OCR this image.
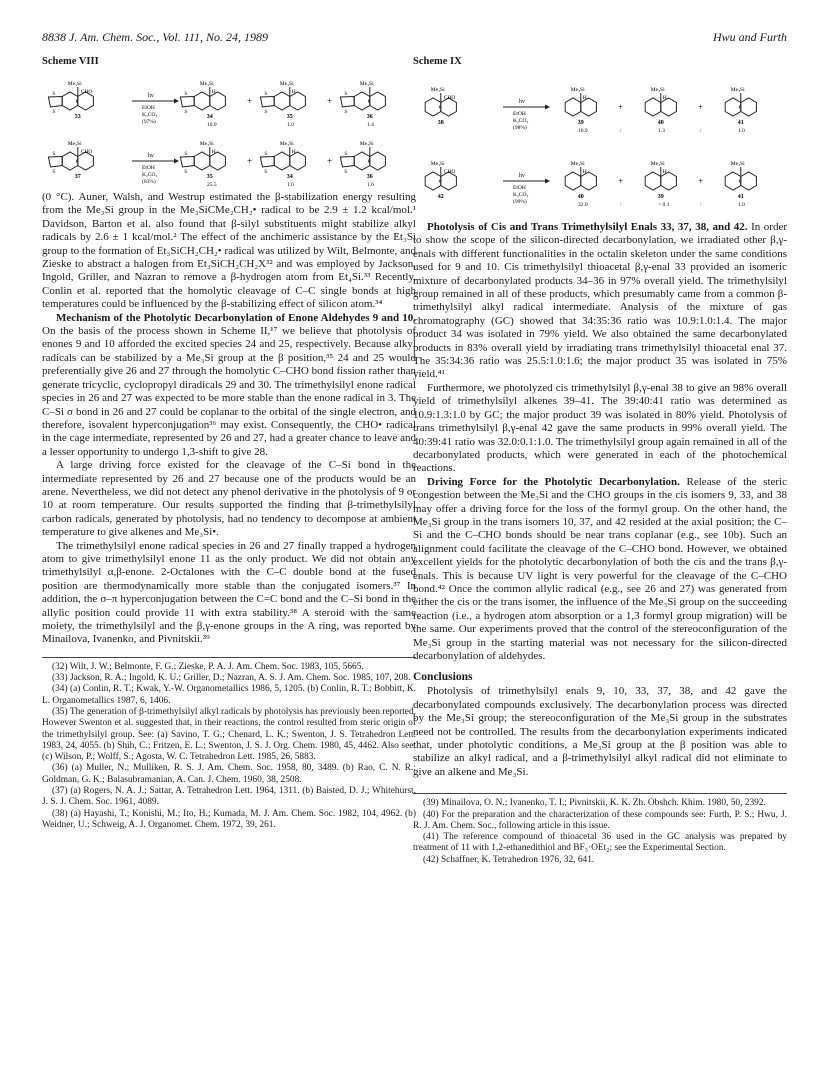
8838 J. Am. Chem. Soc., Vol. 111, No. 24, 1989	Hwu and Furth
Scheme VIII
S
S
Me₃Si
CHO
33
hν
EtOH
K₂CO₃
(97%)
S
S
Me₃Si
H
34
10.9
+
S
S
Me₃Si
H
35
1.0
+
S
S
Me₃Si
36
1.4
S
S
Me₃Si
CHO
37
hν
EtOH
K₂CO₃
(83%)
S
S
Me₃Si
H
35
25.5
+
S
S
Me₃Si
H
34
1.0
+
S
S
Me₃Si
36
1.6

(0 °C). Auner, Walsh, and Westrup estimated the β-stabilization energy resulting from the Me₃Si group in the Me₃SiCMe₂CH₂• radical to be 2.9 ± 1.2 kcal/mol.¹ Davidson, Barton et al. also found that β-silyl substituents might stabilize alkyl radicals by 2.6 ± 1 kcal/mol.² The effect of the anchimeric assistance by the Et₃Si group to the formation of Et₃SiCH₂CH₂• radical was utilized by Wilt, Belmonte, and Zieske to abstract a halogen from Et₃SiCH₂CH₂X³² and was employed by Jackson, Ingold, Griller, and Nazran to remove a β-hydrogen atom from Et₄Si.³³ Recently, Conlin et al. reported that the homolytic cleavage of C–C single bonds at high temperatures could be influenced by the β-stabilizing effect of silicon atom.³⁴

Mechanism of the Photolytic Decarbonylation of Enone Aldehydes 9 and 10. On the basis of the process shown in Scheme II,¹⁷ we believe that photolysis of enones 9 and 10 afforded the excited species 24 and 25, respectively. Because alkyl radicals can be stabilized by a Me₃Si group at the β position,³⁵ 24 and 25 would preferentially give 26 and 27 through the homolytic C–CHO bond fission rather than generate tricyclic, cyclopropyl diradicals 29 and 30. The trimethylsilyl enone radical species in 26 and 27 was expected to be more stable than the enone radical in 3. The C–Si σ bond in 26 and 27 could be coplanar to the orbital of the single electron, and therefore, isovalent hyperconjugation³⁶ may exist. Consequently, the CHO• radical in the cage intermediate, represented by 26 and 27, had a greater chance to leave and a lesser opportunity to undergo 1,3-shift to give 28.

A large driving force existed for the cleavage of the C–Si bond in the intermediate represented by 26 and 27 because one of the products would be an arene. Nevertheless, we did not detect any phenol derivative in the photolysis of 9 or 10 at room temperature. Our results supported the finding that β-trimethylsilyl carbon radicals, generated by photolysis, had no tendency to decompose at ambient temperature to give alkenes and Me₃Si•.

The trimethylsilyl enone radical species in 26 and 27 finally trapped a hydrogen atom to give trimethylsilyl enone 11 as the only product. We did not obtain any trimethylsilyl α,β-enone. 2-Octalones with the C–C double bond at the fused position are thermodynamically more stable than the conjugated isomers.³⁷ In addition, the σ–π hyperconjugation between the C=C bond and the C–Si bond in the allylic position could provide 11 with extra stability.³⁸ A steroid with the same moiety, the trimethylsilyl and the β,γ-enone groups in the A ring, was reported by Minailova, Ivanenko, and Pivnitskii.³⁹

(32) Wilt, J. W.; Belmonte, F. G.; Zieske, P. A. J. Am. Chem. Soc. 1983, 105, 5665.
(33) Jackson, R. A.; Ingold, K. U.; Griller, D.; Nazran, A. S. J. Am. Chem. Soc. 1985, 107, 208.
(34) (a) Conlin, R. T.; Kwak, Y.-W. Organometallics 1986, 5, 1205. (b) Conlin, R. T.; Bobbitt, K. L. Organometallics 1987, 6, 1406.
(35) The generation of β-trimethylsilyl alkyl radicals by photolysis has previously been reported. However Swenton et al. suggested that, in their reactions, the control resulted from steric origin of the trimethylsilyl group. See: (a) Savino, T. G.; Chenard, L. K.; Swenton, J. S. Tetrahedron Lett. 1983, 24, 4055. (b) Shih, C.; Fritzen, E. L.; Swenton, J. S. J. Org. Chem. 1980, 45, 4462. Also see: (c) Wilson, P.; Wolff, S.; Agosta, W. C. Tetrahedron Lett. 1985, 26, 5883.
(36) (a) Muller, N.; Mulliken, R. S. J. Am. Chem. Soc. 1958, 80, 3489. (b) Rao, C. N. R.; Goldman, G. K.; Balasubramanian, A. Can. J. Chem. 1960, 38, 2508.
(37) (a) Rogers, N. A. J.; Sattar, A. Tetrahedron Lett. 1964, 1311. (b) Baisted, D. J.; Whitehurst, J. S. J. Chem. Soc. 1961, 4089.
(38) (a) Hayashi, T.; Konishi, M.; Ito, H.; Kumada, M. J. Am. Chem. Soc. 1982, 104, 4962. (b) Weidner, U.; Schweig, A. J. Organomet. Chem. 1972, 39, 261.
Scheme IX
Me₃Si
CHO
38
hν
EtOH
K₂CO₃
(98%)
Me₃Si
H
39
10.9
+
:
Me₃Si
H
40
1.3
+
:
Me₃Si
41
1.0
Me₃Si
CHO
42
hν
EtOH
K₂CO₃
(99%)
Me₃Si
H
40
32.0
+
:
Me₃Si
H
39
< 0.1
+
:
Me₃Si
41
1.0

Photolysis of Cis and Trans Trimethylsilyl Enals 33, 37, 38, and 42. In order to show the scope of the silicon-directed decarbonylation, we irradiated other β,γ-enals with different functionalities in the octalin skeleton under the same conditions used for 9 and 10. Cis trimethylsilyl thioacetal β,γ-enal 33 provided an isomeric mixture of decarbonylated products 34–36 in 97% overall yield. The trimethylsilyl group remained in all of these products, which presumably came from a common β-trimethylsilyl alkyl radical intermediate. Analysis of the mixture of gas chromatography (GC) showed that 34:35:36 ratio was 10.9:1.0:1.4. The major product 34 was isolated in 79% yield. We also obtained the same decarbonylated products in 83% overall yield by irradiating trans trimethylsilyl thioacetal enal 37. The 35:34:36 ratio was 25.5:1.0:1.6; the major product 35 was isolated in 75% yield.⁴¹

Furthermore, we photolyzed cis trimethylsilyl β,γ-enal 38 to give an 98% overall yield of trimethylsilyl alkenes 39–41. The 39:40:41 ratio was determined as 10.9:1.3:1.0 by GC; the major product 39 was isolated in 80% yield. Photolysis of trans trimethylsilyl β,γ-enal 42 gave the same products in 99% overall yield. The 40:39:41 ratio was 32.0:0.1:1.0. The trimethylsilyl group again remained in all of the decarbonylated products, which were generated in each of the photochemical reactions.

Driving Force for the Photolytic Decarbonylation. Release of the steric congestion between the Me₃Si and the CHO groups in the cis isomers 9, 33, and 38 may offer a driving force for the loss of the formyl group. On the other hand, the Me₃Si group in the trans isomers 10, 37, and 42 resided at the axial position; the C–Si and the C–CHO bonds should be near trans coplanar (e.g., see 10b). Such an alignment could facilitate the cleavage of the C–CHO bond. However, we obtained excellent yields for the photolytic decarbonylation of both the cis and the trans β,γ-enals. This is because UV light is very powerful for the cleavage of the C–CHO bond.⁴² Once the common allylic radical (e.g., see 26 and 27) was generated from either the cis or the trans isomer, the influence of the Me₃Si group on the succeeding reaction (i.e., a hydrogen atom absorption or a 1,3 formyl group migration) will be the same. Our experiments proved that the control of the stereoconfiguration of the Me₃Si group in the starting material was not necessary for the silicon-directed decarbonylation of aldehydes.

Conclusions

Photolysis of trimethylsilyl enals 9, 10, 33, 37, 38, and 42 gave the decarbonylated compounds exclusively. The decarbonylation process was directed by the Me₃Si group; the stereoconfiguration of the Me₃Si group in the substrates need not be controlled. The results from the decarbonylation experiments indicated that, under photolytic conditions, a Me₃Si group at the β position was able to stabilize an alkyl radical, and a β-trimethylsilyl alkyl radical did not eliminate to give an alkene and Me₃Si.

(39) Minailova, O. N.; Ivanenko, T. I.; Pivnitskii, K. K. Zh. Obshch. Khim. 1980, 50, 2392.
(40) For the preparation and the characterization of these compounds see: Furth, P. S.; Hwu, J. R. J. Am. Chem. Soc., following article in this issue.
(41) The reference compound of thioacetal 36 used in the GC analysis was prepared by treatment of 11 with 1,2-ethanedithiol and BF₃·OEt₂; see the Experimental Section.
(42) Schaffner, K. Tetrahedron 1976, 32, 641.
